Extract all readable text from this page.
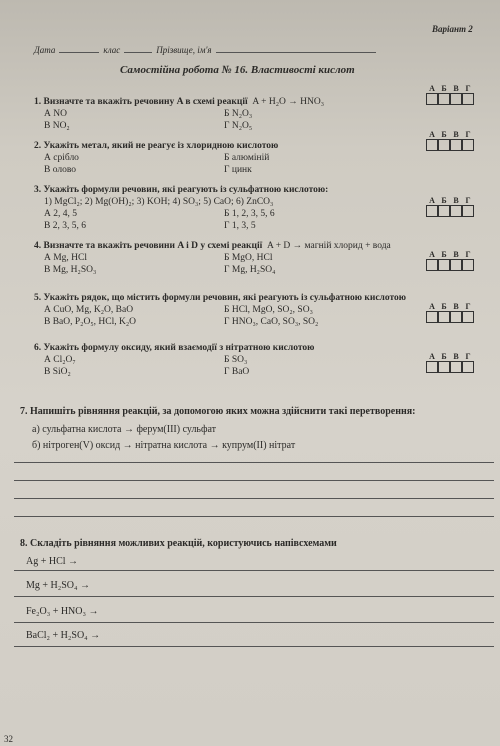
Варіант 2
Дата	клас	Прізвище, ім'я
Самостійна робота № 16. Властивості кислот
1. Визначте та вкажіть речовину A в схемі реакції A + H₂O → HNO₃
А NO	Б N₂O₃
В NO₂	Г N₂O₅
2. Укажіть метал, який не реагує із хлоридною кислотою
А срібло	Б алюміній
В олово	Г цинк
3. Укажіть формули речовин, які реагують із сульфатною кислотою:
1) MgCl₂; 2) Mg(OH)₂; 3) KOH; 4) SO₃; 5) CaO; 6) ZnCO₃
А 2, 4, 5	Б 1, 2, 3, 5, 6
В 2, 3, 5, 6	Г 1, 3, 5
4. Визначте та вкажіть речовини A і D у схемі реакції A + D → магній хлорид + вода
А Mg, HCl	Б MgO, HCl
В Mg, H₂SO₃	Г Mg, H₂SO₄
5. Укажіть рядок, що містить формули речовин, які реагують із сульфатною кислотою
А CuO, Mg, K₂O, BaO	Б HCl, MgO, SO₂, SO₃
В BaO, P₂O₅, HCl, K₂O	Г HNO₃, CaO, SO₃, SO₂
6. Укажіть формулу оксиду, який взаємодії з нітратною кислотою
А Cl₂O₇	Б SO₃
В SiO₂	Г BaO
А Б В Г
А Б В Г
А Б В Г
А Б В Г
А Б В Г
А Б В Г
7. Напишіть рівняння реакцій, за допомогою яких можна здійснити такі перетворення:
а) сульфатна кислота → ферум(III) сульфат
б) нітроген(V) оксид → нітратна кислота → купрум(II) нітрат
8. Складіть рівняння можливих реакцій, користуючись напівсхемами
Ag + HCl →
Mg + H₂SO₄ →
Fe₂O₃ + HNO₃ →
BaCl₂ + H₂SO₄ →
32
